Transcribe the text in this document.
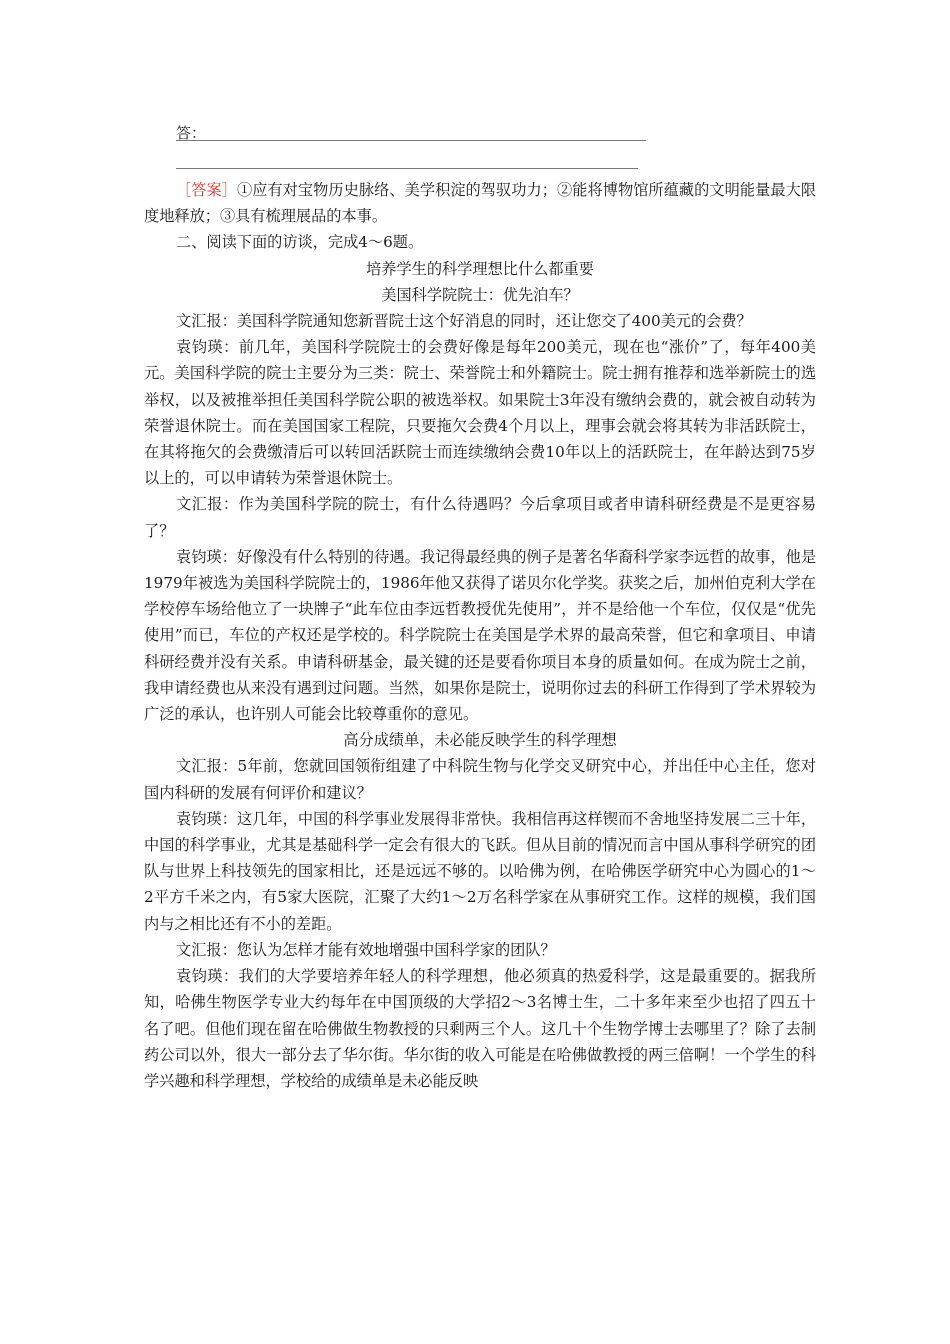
答：

［答案］①应有对宝物历史脉络、美学积淀的驾驭功力；②能将博物馆所蕴藏的文明能量最大限度地释放；③具有梳理展品的本事。

二、阅读下面的访谈，完成4～6题。

培养学生的科学理想比什么都重要

美国科学院院士：优先泊车？

文汇报：美国科学院通知您新晋院士这个好消息的同时，还让您交了400美元的会费？

袁钧瑛：前几年，美国科学院院士的会费好像是每年200美元，现在也“涨价”了，每年400美元。美国科学院的院士主要分为三类：院士、荣誉院士和外籍院士。院士拥有推荐和选举新院士的选举权，以及被推举担任美国科学院公职的被选举权。如果院士3年没有缴纳会费的，就会被自动转为荣誉退休院士。而在美国国家工程院，只要拖欠会费4个月以上，理事会就会将其转为非活跃院士，在其将拖欠的会费缴清后可以转回活跃院士而连续缴纳会费10年以上的活跃院士，在年龄达到75岁以上的，可以申请转为荣誉退休院士。

文汇报：作为美国科学院的院士，有什么待遇吗？今后拿项目或者申请科研经费是不是更容易了？

袁钧瑛：好像没有什么特别的待遇。我记得最经典的例子是著名华裔科学家李远哲的故事，他是1979年被选为美国科学院院士的，1986年他又获得了诺贝尔化学奖。获奖之后，加州伯克利大学在学校停车场给他立了一块牌子“此车位由李远哲教授优先使用”，并不是给他一个车位，仅仅是“优先使用”而已，车位的产权还是学校的。科学院院士在美国是学术界的最高荣誉，但它和拿项目、申请科研经费并没有关系。申请科研基金，最关键的还是要看你项目本身的质量如何。在成为院士之前，我申请经费也从来没有遇到过问题。当然，如果你是院士，说明你过去的科研工作得到了学术界较为广泛的承认，也许别人可能会比较尊重你的意见。

高分成绩单，未必能反映学生的科学理想

文汇报：5年前，您就回国领衔组建了中科院生物与化学交叉研究中心，并出任中心主任，您对国内科研的发展有何评价和建议？

袁钧瑛：这几年，中国的科学事业发展得非常快。我相信再这样锲而不舍地坚持发展二三十年，中国的科学事业，尤其是基础科学一定会有很大的飞跃。但从目前的情况而言中国从事科学研究的团队与世界上科技领先的国家相比，还是远远不够的。以哈佛为例，在哈佛医学研究中心为圆心的1～2平方千米之内，有5家大医院，汇聚了大约1～2万名科学家在从事研究工作。这样的规模，我们国内与之相比还有不小的差距。

文汇报：您认为怎样才能有效地增强中国科学家的团队？

袁钧瑛：我们的大学要培养年轻人的科学理想，他必须真的热爱科学，这是最重要的。据我所知，哈佛生物医学专业大约每年在中国顶级的大学招2～3名博士生，二十多年来至少也招了四五十名了吧。但他们现在留在哈佛做生物教授的只剩两三个人。这几十个生物学博士去哪里了？除了去制药公司以外，很大一部分去了华尔街。华尔街的收入可能是在哈佛做教授的两三倍啊！一个学生的科学兴趣和科学理想，学校给的成绩单是未必能反映
